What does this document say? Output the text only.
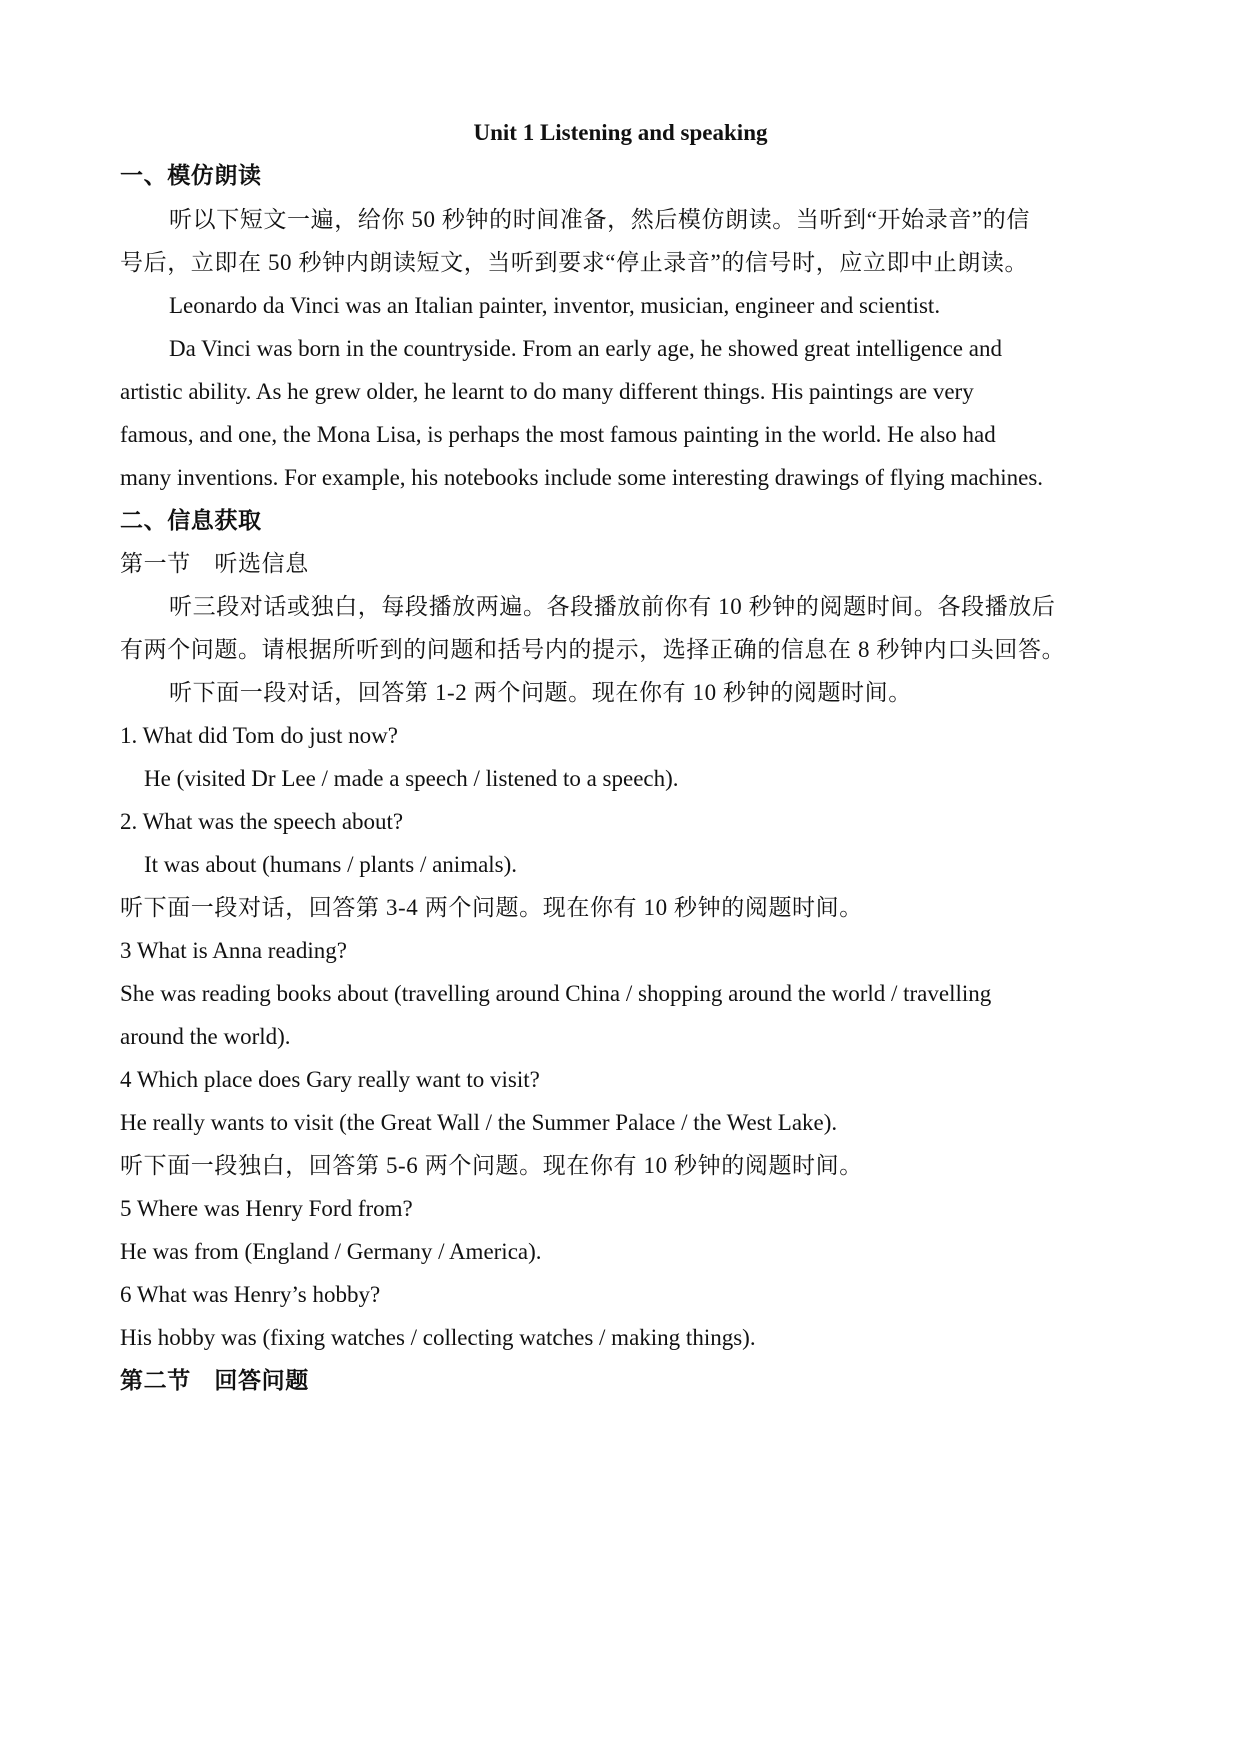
Unit 1 Listening and speaking
一、模仿朗读
听以下短文一遍，给你 50 秒钟的时间准备，然后模仿朗读。当听到“开始录音”的信
号后，立即在 50 秒钟内朗读短文，当听到要求“停止录音”的信号时，应立即中止朗读。
Leonardo da Vinci was an Italian painter, inventor, musician, engineer and scientist.
Da Vinci was born in the countryside. From an early age, he showed great intelligence and
artistic ability. As he grew older, he learnt to do many different things. His paintings are very
famous, and one, the Mona Lisa, is perhaps the most famous painting in the world. He also had
many inventions. For example, his notebooks include some interesting drawings of flying machines.
二、信息获取
第一节　听选信息
听三段对话或独白，每段播放两遍。各段播放前你有 10 秒钟的阅题时间。各段播放后
有两个问题。请根据所听到的问题和括号内的提示，选择正确的信息在 8 秒钟内口头回答。
听下面一段对话，回答第 1-2 两个问题。现在你有 10 秒钟的阅题时间。
1. What did Tom do just now?
He (visited Dr Lee / made a speech / listened to a speech).
2. What was the speech about?
It was about (humans / plants / animals).
听下面一段对话，回答第 3-4 两个问题。现在你有 10 秒钟的阅题时间。
3 What is Anna reading?
She was reading books about (travelling around China / shopping around the world / travelling
around the world).
4 Which place does Gary really want to visit?
He really wants to visit (the Great Wall / the Summer Palace / the West Lake).
听下面一段独白，回答第 5-6 两个问题。现在你有 10 秒钟的阅题时间。
5 Where was Henry Ford from?
He was from (England / Germany / America).
6 What was Henry’s hobby?
His hobby was (fixing watches / collecting watches / making things).
第二节　回答问题
